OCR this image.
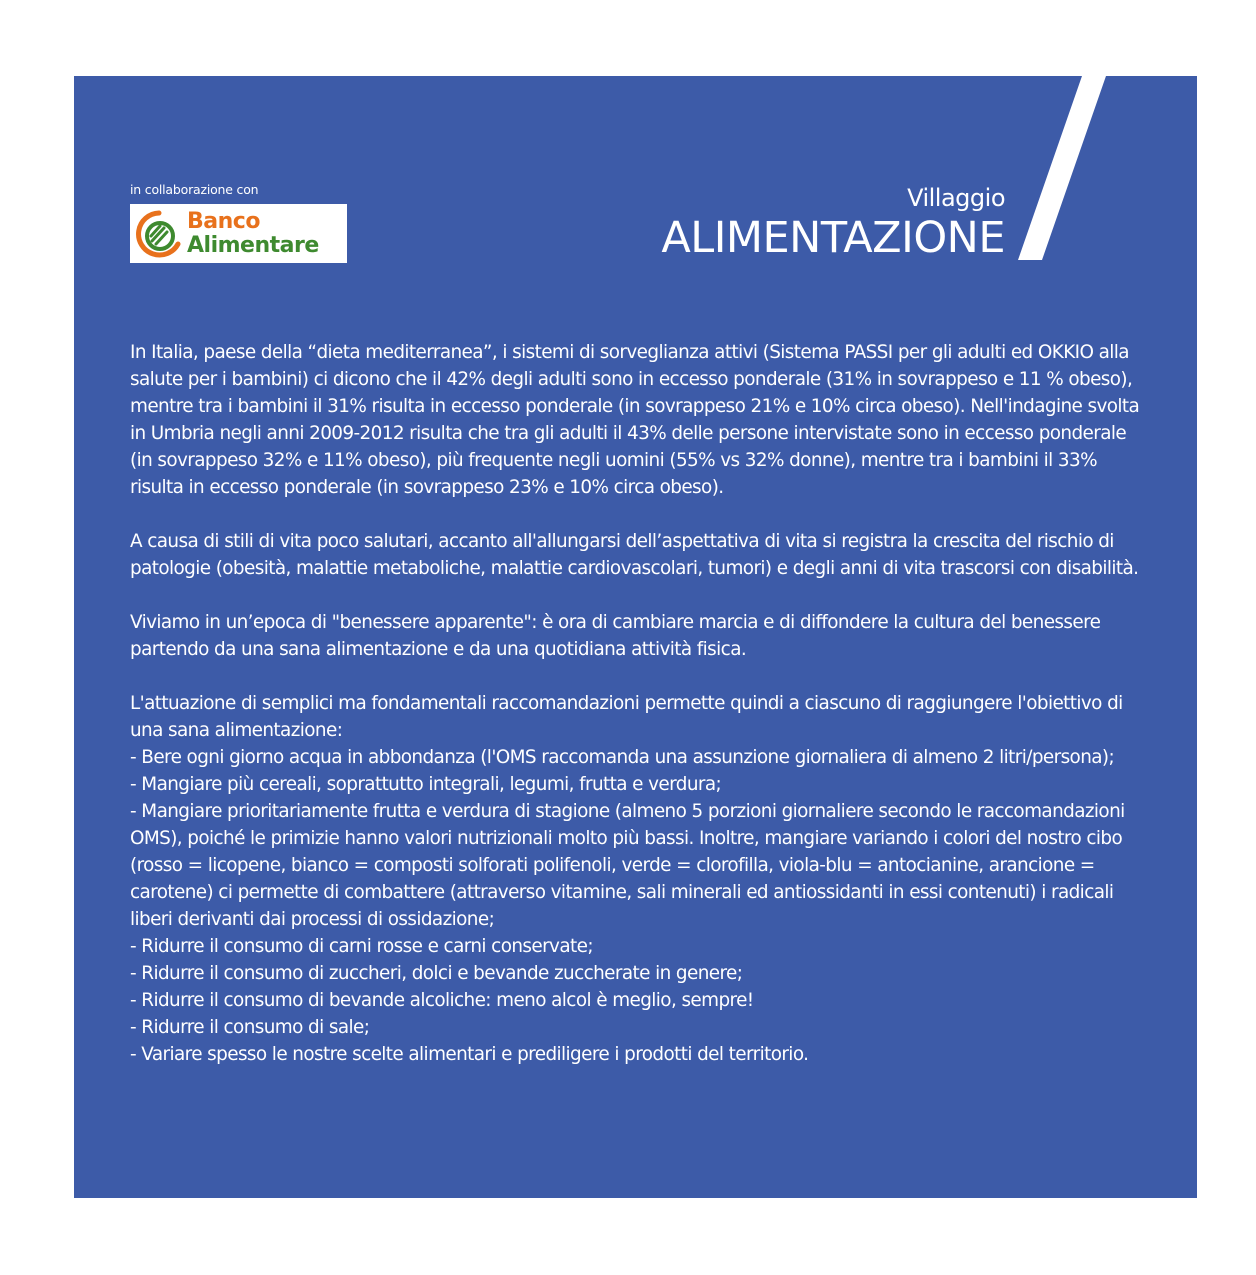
in collaborazione con
Banco
Alimentare
Villaggio
ALIMENTAZIONE

In Italia, paese della “dieta mediterranea”, i sistemi di sorveglianza attivi (Sistema PASSI per gli adulti ed OKKIO alla salute per i bambini) ci dicono che il 42% degli adulti sono in eccesso ponderale (31% in sovrappeso e 11 % obeso), mentre tra i bambini il 31% risulta in eccesso ponderale (in sovrappeso 21% e 10% circa obeso). Nell'indagine svolta in Umbria negli anni 2009-2012 risulta che tra gli adulti il 43% delle persone intervistate sono in eccesso ponderale (in sovrappeso 32% e 11% obeso), più frequente negli uomini (55% vs 32% donne), mentre tra i bambini il 33% risulta in eccesso ponderale (in sovrappeso 23% e 10% circa obeso).

A causa di stili di vita poco salutari, accanto all'allungarsi dell’aspettativa di vita si registra la crescita del rischio di patologie (obesità, malattie metaboliche, malattie cardiovascolari, tumori) e degli anni di vita trascorsi con disabilità.

Viviamo in un’epoca di "benessere apparente": è ora di cambiare marcia e di diffondere la cultura del benessere partendo da una sana alimentazione e da una quotidiana attività fisica.

L'attuazione di semplici ma fondamentali raccomandazioni permette quindi a ciascuno di raggiungere l'obiettivo di una sana alimentazione:

- Bere ogni giorno acqua in abbondanza (l'OMS raccomanda una assunzione giornaliera di almeno 2 litri/persona);
- Mangiare più cereali, soprattutto integrali, legumi, frutta e verdura;
- Mangiare prioritariamente frutta e verdura di stagione (almeno 5 porzioni giornaliere secondo le raccomandazioni OMS), poiché le primizie hanno valori nutrizionali molto più bassi. Inoltre, mangiare variando i colori del nostro cibo (rosso = licopene, bianco = composti solforati polifenoli, verde = clorofilla, viola-blu = antocianine, arancione = carotene) ci permette di combattere (attraverso vitamine, sali minerali ed antiossidanti in essi contenuti) i radicali liberi derivanti dai processi di ossidazione;
- Ridurre il consumo di carni rosse e carni conservate;
- Ridurre il consumo di zuccheri, dolci e bevande zuccherate in genere;
- Ridurre il consumo di bevande alcoliche: meno alcol è meglio, sempre!
- Ridurre il consumo di sale;
- Variare spesso le nostre scelte alimentari e prediligere i prodotti del territorio.
